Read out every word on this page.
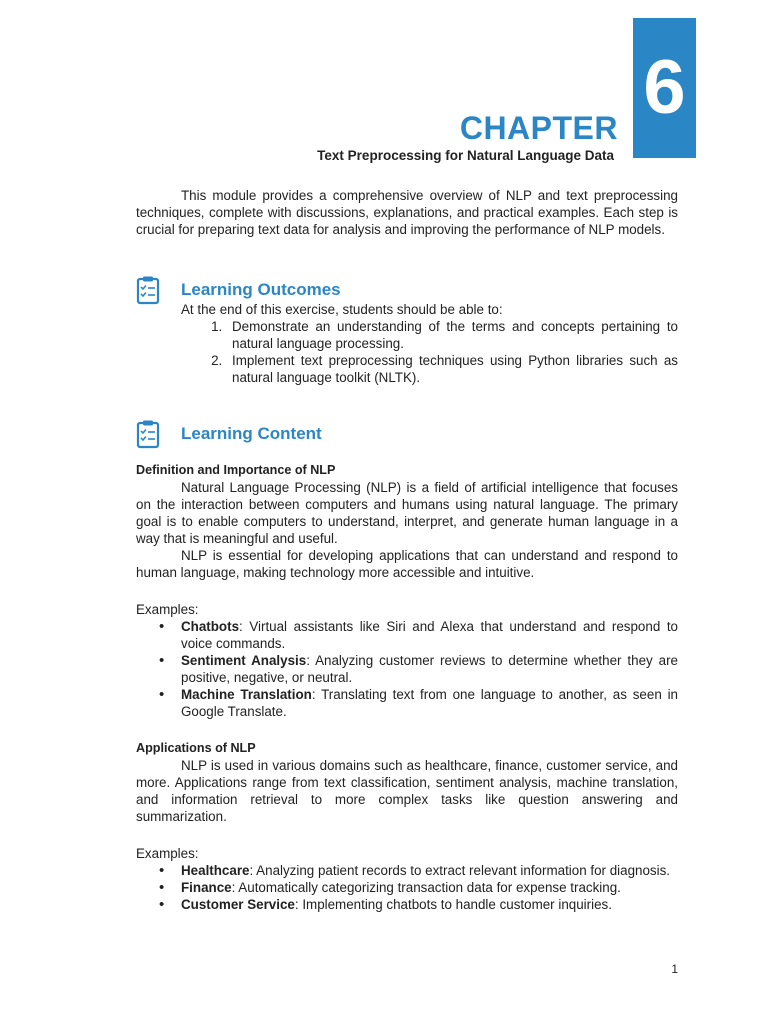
6
CHAPTER
Text Preprocessing for Natural Language Data

This module provides a comprehensive overview of NLP and text preprocessing techniques, complete with discussions, explanations, and practical examples. Each step is crucial for preparing text data for analysis and improving the performance of NLP models.

Learning Outcomes

At the end of this exercise, students should be able to:

1. Demonstrate an understanding of the terms and concepts pertaining to natural language processing.
2. Implement text preprocessing techniques using Python libraries such as natural language toolkit (NLTK).
Learning Content

Definition and Importance of NLP

Natural Language Processing (NLP) is a field of artificial intelligence that focuses on the interaction between computers and humans using natural language. The primary goal is to enable computers to understand, interpret, and generate human language in a way that is meaningful and useful.

NLP is essential for developing applications that can understand and respond to human language, making technology more accessible and intuitive.

Examples:

• Chatbots: Virtual assistants like Siri and Alexa that understand and respond to voice commands.
• Sentiment Analysis: Analyzing customer reviews to determine whether they are positive, negative, or neutral.
• Machine Translation: Translating text from one language to another, as seen in Google Translate.

Applications of NLP

NLP is used in various domains such as healthcare, finance, customer service, and more. Applications range from text classification, sentiment analysis, machine translation, and information retrieval to more complex tasks like question answering and summarization.

Examples:

• Healthcare: Analyzing patient records to extract relevant information for diagnosis.
• Finance: Automatically categorizing transaction data for expense tracking.
• Customer Service: Implementing chatbots to handle customer inquiries.
1
